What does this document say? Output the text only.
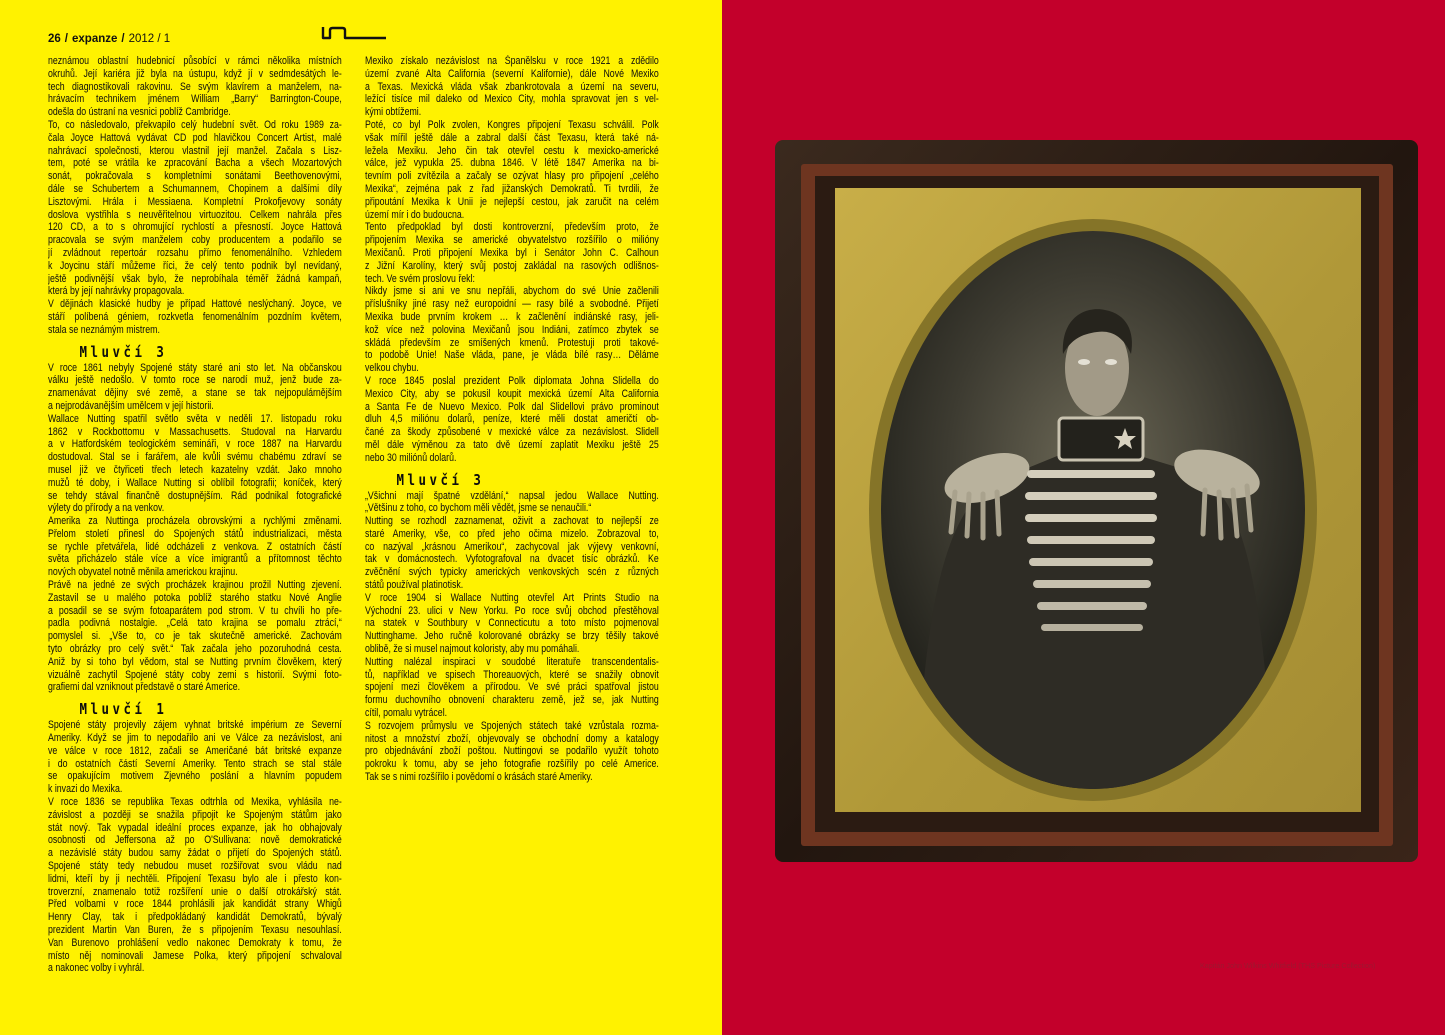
26 / expanze / 2012 / 1
neznámou oblastní hudebnicí působící v rámci několika místních
okruhů. Její kariéra již byla na ústupu, když jí v sedmdesátých le-
tech diagnostikovali rakovinu. Se svým klavírem a manželem, na-
hrávacím technikem jménem William „Barry“ Barrington-Coupe,
odešla do ústraní na vesnici poblíž Cambridge.
To, co následovalo, překvapilo celý hudební svět. Od roku 1989 za-
čala Joyce Hattová vydávat CD pod hlavičkou Concert Artist, malé
nahrávací společnosti, kterou vlastnil její manžel. Začala s Lisz-
tem, poté se vrátila ke zpracování Bacha a všech Mozartových
sonát, pokračovala s kompletními sonátami Beethovenovými,
dále se Schubertem a Schumannem, Chopinem a dalšími díly
Lisztovými. Hrála i Messiaena. Kompletní Prokofjevovy sonáty
doslova vystřihla s neuvěřitelnou virtuozitou. Celkem nahrála přes
120 CD, a to s ohromující rychlostí a přesností. Joyce Hattová
pracovala se svým manželem coby producentem a podařilo se
jí zvládnout repertoár rozsahu přímo fenomenálního. Vzhledem
k Joycinu stáří můžeme říci, že celý tento podnik byl nevídaný,
ještě podivnější však bylo, že neprobíhala téměř žádná kampaň,
která by její nahrávky propagovala.
V dějinách klasické hudby je případ Hattové neslýchaný. Joyce, ve
stáří políbená géniem, rozkvetla fenomenálním pozdním květem,
stala se neznámým mistrem.
Mluvčí 3
V roce 1861 nebyly Spojené státy staré ani sto let. Na občanskou
válku ještě nedošlo. V tomto roce se narodí muž, jenž bude za-
znamenávat dějiny své země, a stane se tak nejpopulárnějším
a nejprodávanějším umělcem v její historii.
Wallace Nutting spatřil světlo světa v neděli 17. listopadu roku
1862 v Rockbottomu v Massachusetts. Studoval na Harvardu
a v Hatfordském teologickém semináři, v roce 1887 na Harvardu
dostudoval. Stal se i farářem, ale kvůli svému chabému zdraví se
musel již ve čtyřiceti třech letech kazatelny vzdát. Jako mnoho
mužů té doby, i Wallace Nutting si oblíbil fotografii; koníček, který
se tehdy stával finančně dostupnějším. Rád podnikal fotografické
výlety do přírody a na venkov.
Amerika za Nuttinga procházela obrovskými a rychlými změnami.
Přelom století přinesl do Spojených států industrializaci, města
se rychle přetvářela, lidé odcházeli z venkova. Z ostatních částí
světa přicházelo stále více a více imigrantů a přítomnost těchto
nových obyvatel notně měnila americkou krajinu.
Právě na jedné ze svých procházek krajinou prožil Nutting zjevení.
Zastavil se u malého potoka poblíž starého statku Nové Anglie
a posadil se se svým fotoaparátem pod strom. V tu chvíli ho pře-
padla podivná nostalgie. „Celá tato krajina se pomalu ztrácí,“
pomyslel si. „Vše to, co je tak skutečně americké. Zachovám
tyto obrázky pro celý svět.“ Tak začala jeho pozoruhodná cesta.
Aniž by si toho byl vědom, stal se Nutting prvním člověkem, který
vizuálně zachytil Spojené státy coby zemi s historií. Svými foto-
grafiemi dal vzniknout představě o staré Americe.
Mluvčí 1
Spojené státy projevily zájem vyhnat britské impérium ze Severní
Ameriky. Když se jim to nepodařilo ani ve Válce za nezávislost, ani
ve válce v roce 1812, začali se Američané bát britské expanze
i do ostatních částí Severní Ameriky. Tento strach se stal stále
se opakujícím motivem Zjevného poslání a hlavním popudem
k invazi do Mexika.
V roce 1836 se republika Texas odtrhla od Mexika, vyhlásila ne-
závislost a později se snažila připojit ke Spojeným státům jako
stát nový. Tak vypadal ideální proces expanze, jak ho obhajovaly
osobnosti od Jeffersona až po O'Sullivana: nově demokratické
a nezávislé státy budou samy žádat o přijetí do Spojených států.
Spojené státy tedy nebudou muset rozšiřovat svou vládu nad
lidmi, kteří by ji nechtěli. Připojení Texasu bylo ale i přesto kon-
troverzní, znamenalo totiž rozšíření unie o další otrokářský stát.
Před volbami v roce 1844 prohlásili jak kandidát strany Whigů
Henry Clay, tak i předpokládaný kandidát Demokratů, bývalý
prezident Martin Van Buren, že s připojením Texasu nesouhlasí.
Van Burenovo prohlášení vedlo nakonec Demokraty k tomu, že
místo něj nominovali Jamese Polka, který připojení schvaloval
a nakonec volby i vyhrál.
Mexiko získalo nezávislost na Španělsku v roce 1921 a zdědilo
území zvané Alta California (severní Kalifornie), dále Nové Mexiko
a Texas. Mexická vláda však zbankrotovala a území na severu,
ležící tisíce mil daleko od Mexico City, mohla spravovat jen s vel-
kými obtížemi.
Poté, co byl Polk zvolen, Kongres připojení Texasu schválil. Polk
však mířil ještě dále a zabral další část Texasu, která také ná-
ležela Mexiku. Jeho čin tak otevřel cestu k mexicko-americké
válce, jež vypukla 25. dubna 1846. V létě 1847 Amerika na bi-
tevním poli zvítězila a začaly se ozývat hlasy pro připojení „celého
Mexika“, zejména pak z řad jižanských Demokratů. Ti tvrdili, že
připoutání Mexika k Unii je nejlepší cestou, jak zaručit na celém
území mír i do budoucna.
Tento předpoklad byl dosti kontroverzní, především proto, že
připojením Mexika se americké obyvatelstvo rozšířilo o milióny
Mexičanů. Proti připojení Mexika byl i Senátor John C. Calhoun
z Jižní Karolíny, který svůj postoj zakládal na rasových odlišnos-
tech. Ve svém proslovu řekl:
Nikdy jsme si ani ve snu nepřáli, abychom do své Unie začlenili
příslušníky jiné rasy než europoidní — rasy bílé a svobodné. Přijetí
Mexika bude prvním krokem … k začlenění indiánské rasy, jeli-
kož více než polovina Mexičanů jsou Indiáni, zatímco zbytek se
skládá především ze smíšených kmenů. Protestuji proti takové-
to podobě Unie! Naše vláda, pane, je vláda bílé rasy… Děláme
velkou chybu.
V roce 1845 poslal prezident Polk diplomata Johna Slidella do
Mexico City, aby se pokusil koupit mexická území Alta California
a Santa Fe de Nuevo Mexico. Polk dal Slidellovi právo prominout
dluh 4,5 miliónu dolarů, peníze, které měli dostat američtí ob-
čané za škody způsobené v mexické válce za nezávislost. Slidell
měl dále výměnou za tato dvě území zaplatit Mexiku ještě 25
nebo 30 miliónů dolarů.
Mluvčí 3
„Všichni mají špatné vzdělání,“ napsal jedou Wallace Nutting.
„Většinu z toho, co bychom měli vědět, jsme se nenaučili.“
Nutting se rozhodl zaznamenat, oživit a zachovat to nejlepší ze
staré Ameriky, vše, co před jeho očima mizelo. Zobrazoval to,
co nazýval „krásnou Amerikou“, zachycoval jak výjevy venkovní,
tak v domácnostech. Vyfotografoval na dvacet tisíc obrázků. Ke
zvěčnění svých typicky amerických venkovských scén z různých
států používal platinotisk.
V roce 1904 si Wallace Nutting otevřel Art Prints Studio na
Východní 23. ulici v New Yorku. Po roce svůj obchod přestěhoval
na statek v Southbury v Connecticutu a toto místo pojmenoval
Nuttinghame. Jeho ručně kolorované obrázky se brzy těšily takové
oblibě, že si musel najmout koloristy, aby mu pomáhali.
Nutting nalézal inspiraci v soudobé literatuře transcendentalis-
tů, například ve spisech Thoreauových, které se snažily obnovit
spojení mezi člověkem a přírodou. Ve své práci spatřoval jistou
formu duchovního obnovení charakteru země, jež se, jak Nutting
cítil, pomalu vytrácel.
S rozvojem průmyslu ve Spojených státech také vzrůstala rozma-
nitost a množství zboží, objevovaly se obchodní domy a katalogy
pro objednávání zboží poštou. Nuttingovi se podařilo využít tohoto
pokroku k tomu, aby se jeho fotografie rozšířily po celé Americe.
Tak se s nimi rozšířilo i povědomí o krásách staré Ameriky.
Kapitán John Wilkins Whitfield (THS Picture Collection)
